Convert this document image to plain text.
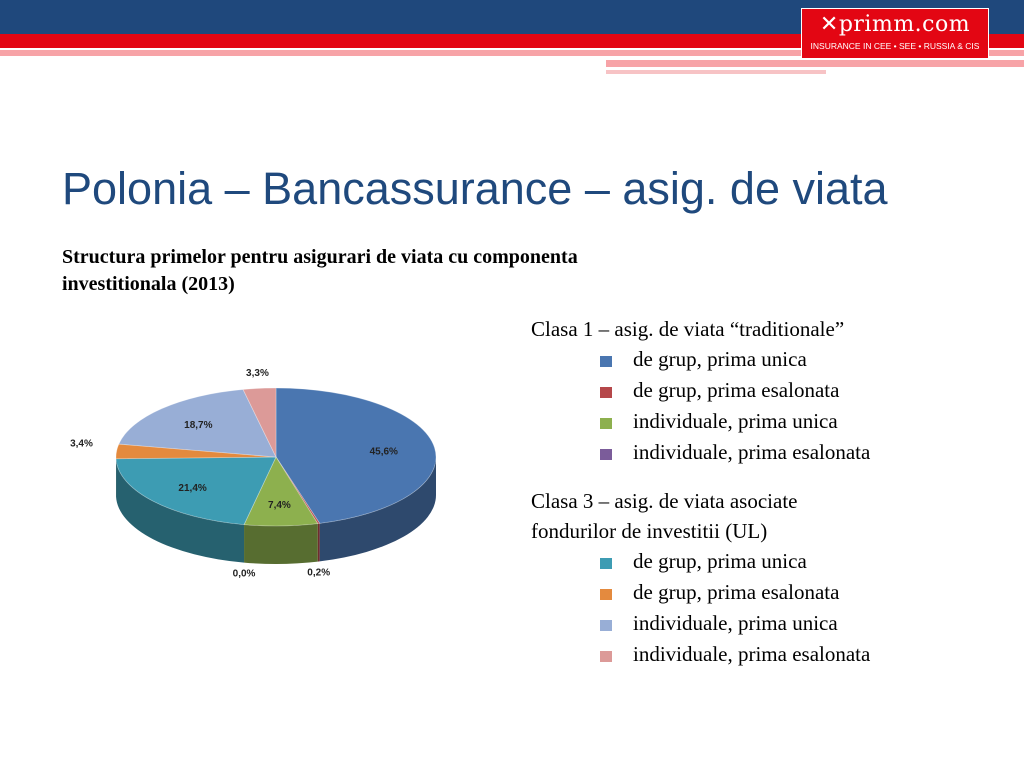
✕primm.com
INSURANCE IN CEE • SEE • RUSSIA & CIS
Polonia – Bancassurance – asig. de viata

Structura primelor pentru asigurari de viata cu componenta
investitionala (2013)

45,6%
0,2%
7,4%
0,0%
21,4%
3,4%
18,7%
3,3%
Clasa 1 – asig. de viata “traditionale”
de grup, prima unica
de grup, prima esalonata
individuale, prima unica
individuale, prima esalonata
Clasa 3 – asig. de viata asociate
fondurilor de investitii (UL)
de grup, prima unica
de grup, prima esalonata
individuale, prima unica
individuale, prima esalonata
